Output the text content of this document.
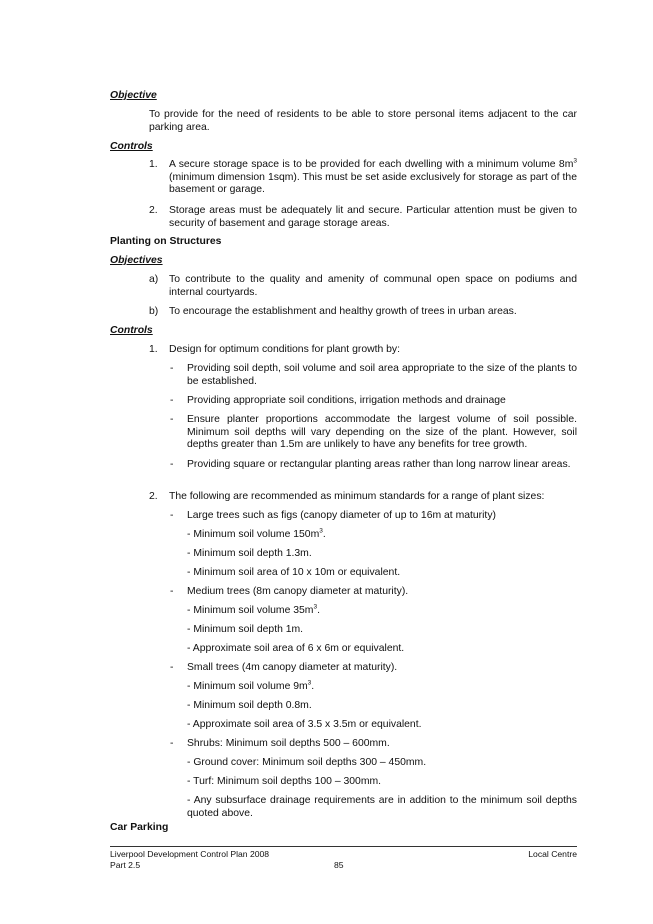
Objective
To provide for the need of residents to be able to store personal items adjacent to the car parking area.
Controls
1.	A secure storage space is to be provided for each dwelling with a minimum volume $8m^3$ (minimum dimension 1sqm). This must be set aside exclusively for storage as part of the basement or garage.
2.	Storage areas must be adequately lit and secure. Particular attention must be given to security of basement and garage storage areas.
Planting on Structures
Objectives
a)	To contribute to the quality and amenity of communal open space on podiums and internal courtyards.
b)	To encourage the establishment and healthy growth of trees in urban areas.
Controls
1.	Design for optimum conditions for plant growth by:
-	Providing soil depth, soil volume and soil area appropriate to the size of the plants to be established.
-	Providing appropriate soil conditions, irrigation methods and drainage
-	Ensure planter proportions accommodate the largest volume of soil possible. Minimum soil depths will vary depending on the size of the plant. However, soil depths greater than 1.5m are unlikely to have any benefits for tree growth.
-	Providing square or rectangular planting areas rather than long narrow linear areas.
2.	The following are recommended as minimum standards for a range of plant sizes:
-	Large trees such as figs (canopy diameter of up to 16m at maturity)
- Minimum soil volume $150m^3$.
- Minimum soil depth 1.3m.
- Minimum soil area of 10 x 10m or equivalent.
-	Medium trees (8m canopy diameter at maturity).
- Minimum soil volume $35m^3$.
- Minimum soil depth 1m.
- Approximate soil area of 6 x 6m or equivalent.
-	Small trees (4m canopy diameter at maturity).
- Minimum soil volume $9m^3$.
- Minimum soil depth 0.8m.
- Approximate soil area of 3.5 x 3.5m or equivalent.
-	Shrubs: Minimum soil depths 500 – 600mm.
- Ground cover: Minimum soil depths 300 – 450mm.
- Turf: Minimum soil depths 100 – 300mm.
- Any subsurface drainage requirements are in addition to the minimum soil depths quoted above.
Car Parking
Liverpool Development Control Plan 2008
Part 2.5	85
Local Centre
